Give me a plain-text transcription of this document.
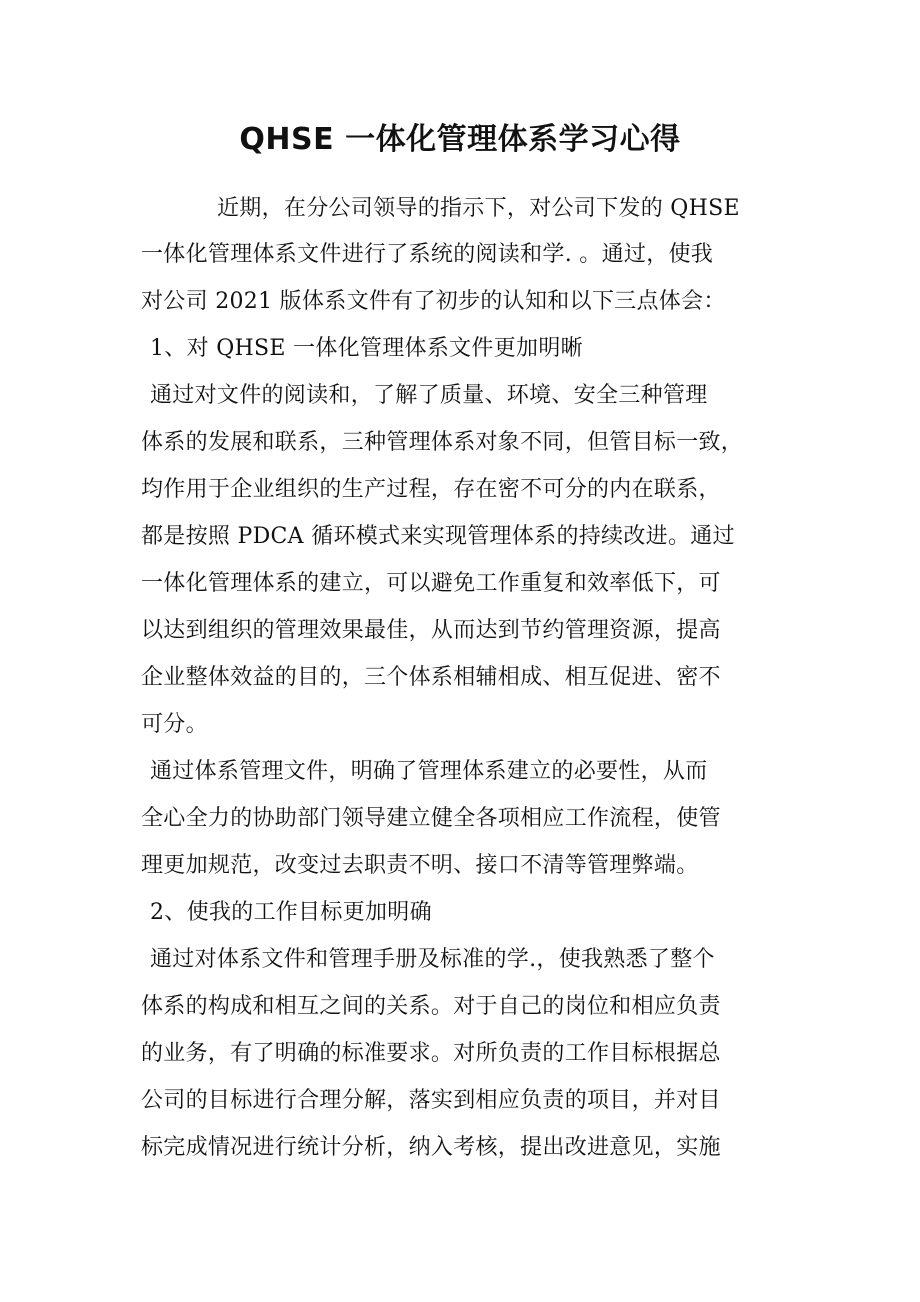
QHSE 一体化管理体系学习心得
近期，在分公司领导的指示下，对公司下发的 QHSE
一体化管理体系文件进行了系统的阅读和学. 。通过，使我
对公司 2021 版体系文件有了初步的认知和以下三点体会：
1、对 QHSE 一体化管理体系文件更加明晰
通过对文件的阅读和，了解了质量、环境、安全三种管理
体系的发展和联系，三种管理体系对象不同，但管目标一致，
均作用于企业组织的生产过程，存在密不可分的内在联系，
都是按照 PDCA 循环模式来实现管理体系的持续改进。通过
一体化管理体系的建立，可以避免工作重复和效率低下，可
以达到组织的管理效果最佳，从而达到节约管理资源，提高
企业整体效益的目的，三个体系相辅相成、相互促进、密不
可分。
通过体系管理文件，明确了管理体系建立的必要性，从而
全心全力的协助部门领导建立健全各项相应工作流程，使管
理更加规范，改变过去职责不明、接口不清等管理弊端。
2、使我的工作目标更加明确
通过对体系文件和管理手册及标准的学.，使我熟悉了整个
体系的构成和相互之间的关系。对于自己的岗位和相应负责
的业务，有了明确的标准要求。对所负责的工作目标根据总
公司的目标进行合理分解，落实到相应负责的项目，并对目
标完成情况进行统计分析，纳入考核，提出改进意见，实施
